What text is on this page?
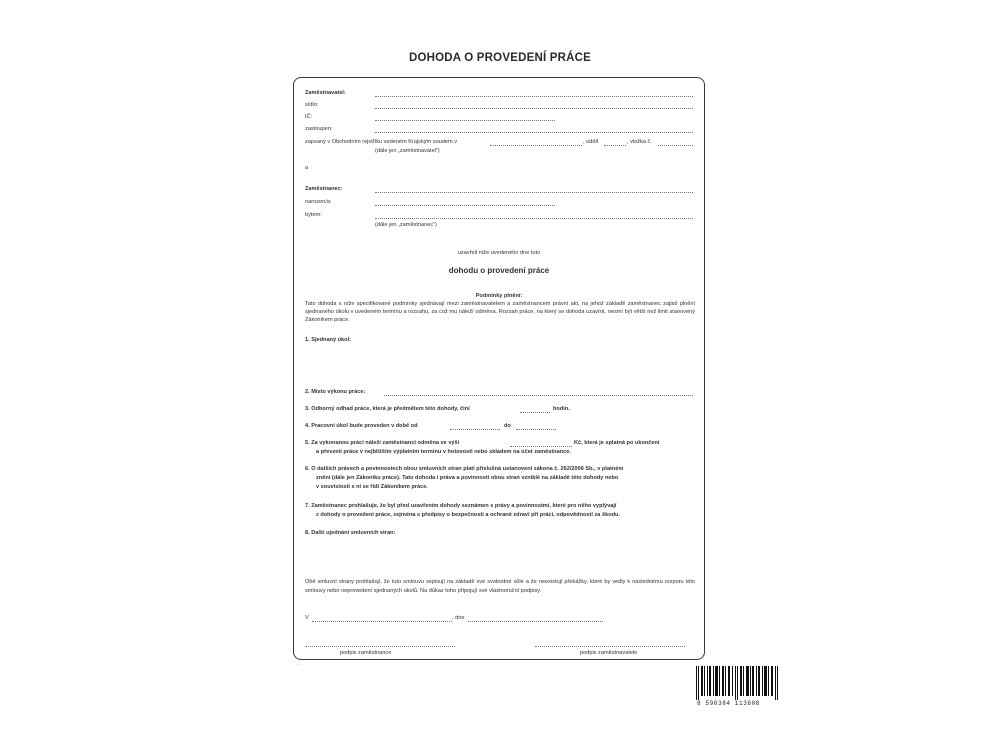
DOHODA O PROVEDENÍ PRÁCE
Zaměstnavatel:
sídlo:
IČ:
zastoupen:
zapsaný v Obchodním rejstříku vedeném Krajským soudem v	, oddíl	, vložka č.
(dále jen „zaměstnavatel“)
a
Zaměstnanec:
narozen/a:
bytem:
(dále jen „zaměstnanec“)
uzavřeli níže uvedeného dne tuto
dohodu o provedení práce
Podmínky plnění:
Tato dohoda s níže specifikované podmínky sjednávají mezi zaměstnavatelem a zaměstnancem právní akt, na jehož základě zaměstnanec zajistí plnění sjednaného úkolu v uvedeném termínu a rozsahu, za což mu náleží odměna. Rozsah práce, na který se dohoda uzavírá, nesmí být větší než limit stanovený Zákoníkem práce.
1. Sjednaný úkol:
2. Místo výkonu práce:
3. Odborný odhad práce, která je předmětem této dohody, činí	hodin.
4. Pracovní úkol bude proveden v době od	do
5. Za vykonanou práci náleží zaměstnanci odměna ve výši	Kč, která je splatná po ukončení
a převzetí práce v nejbližším výplatním termínu v hotovosti nebo skladem na účet zaměstnance.
6. O dalších právech a povinnostech obou smluvních stran platí příslušná ustanovení zákona č. 262/2006 Sb., v platném
znění (dále jen Zákoníku práce). Tato dohoda i práva a povinnosti obou stran vzniklé na základě této dohody nebo
v souvislosti s ní se řídí Zákoníkem práce.
7. Zaměstnanec prohlašuje, že byl před uzavřením dohody seznámen s právy a povinnostmi, které pro něho vyplývají
z dohody o provedení práce, zejména s předpisy o bezpečnosti a ochraně zdraví při práci, odpovědností za škodu.
8. Další ujednání smluvních stran:
Obě smluvní strany prohlašují, že tuto smlouvu sepisují na základě své svobodné vůle a že neexistují překážky, které by vedly k následnému rozporu této smlouvy nebo neprovedení sjednaných úkolů. Na důkaz toho připojují své vlastnoruční podpisy.
V	, dne
podpis zaměstnance	podpis zaměstnavatele
· · ·
8 590384 113608
